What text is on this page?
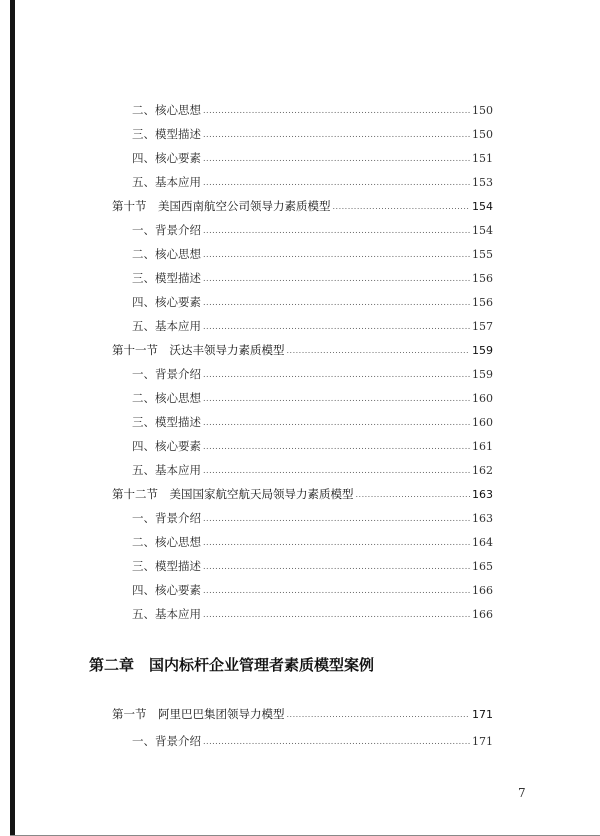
二、核心思想 .....	150
三、模型描述 .....	150
四、核心要素 .....	151
五、基本应用 .....	153
第十节　美国西南航空公司领导力素质模型 .....	154
一、背景介绍 .....	154
二、核心思想 .....	155
三、模型描述 .....	156
四、核心要素 .....	156
五、基本应用 .....	157
第十一节　沃达丰领导力素质模型 .....	159
一、背景介绍 .....	159
二、核心思想 .....	160
三、模型描述 .....	160
四、核心要素 .....	161
五、基本应用 .....	162
第十二节　美国国家航空航天局领导力素质模型 .....	163
一、背景介绍 .....	163
二、核心思想 .....	164
三、模型描述 .....	165
四、核心要素 .....	166
五、基本应用 .....	166
第二章　国内标杆企业管理者素质模型案例
第一节　阿里巴巴集团领导力模型 .....	171
一、背景介绍 .....	171
7
